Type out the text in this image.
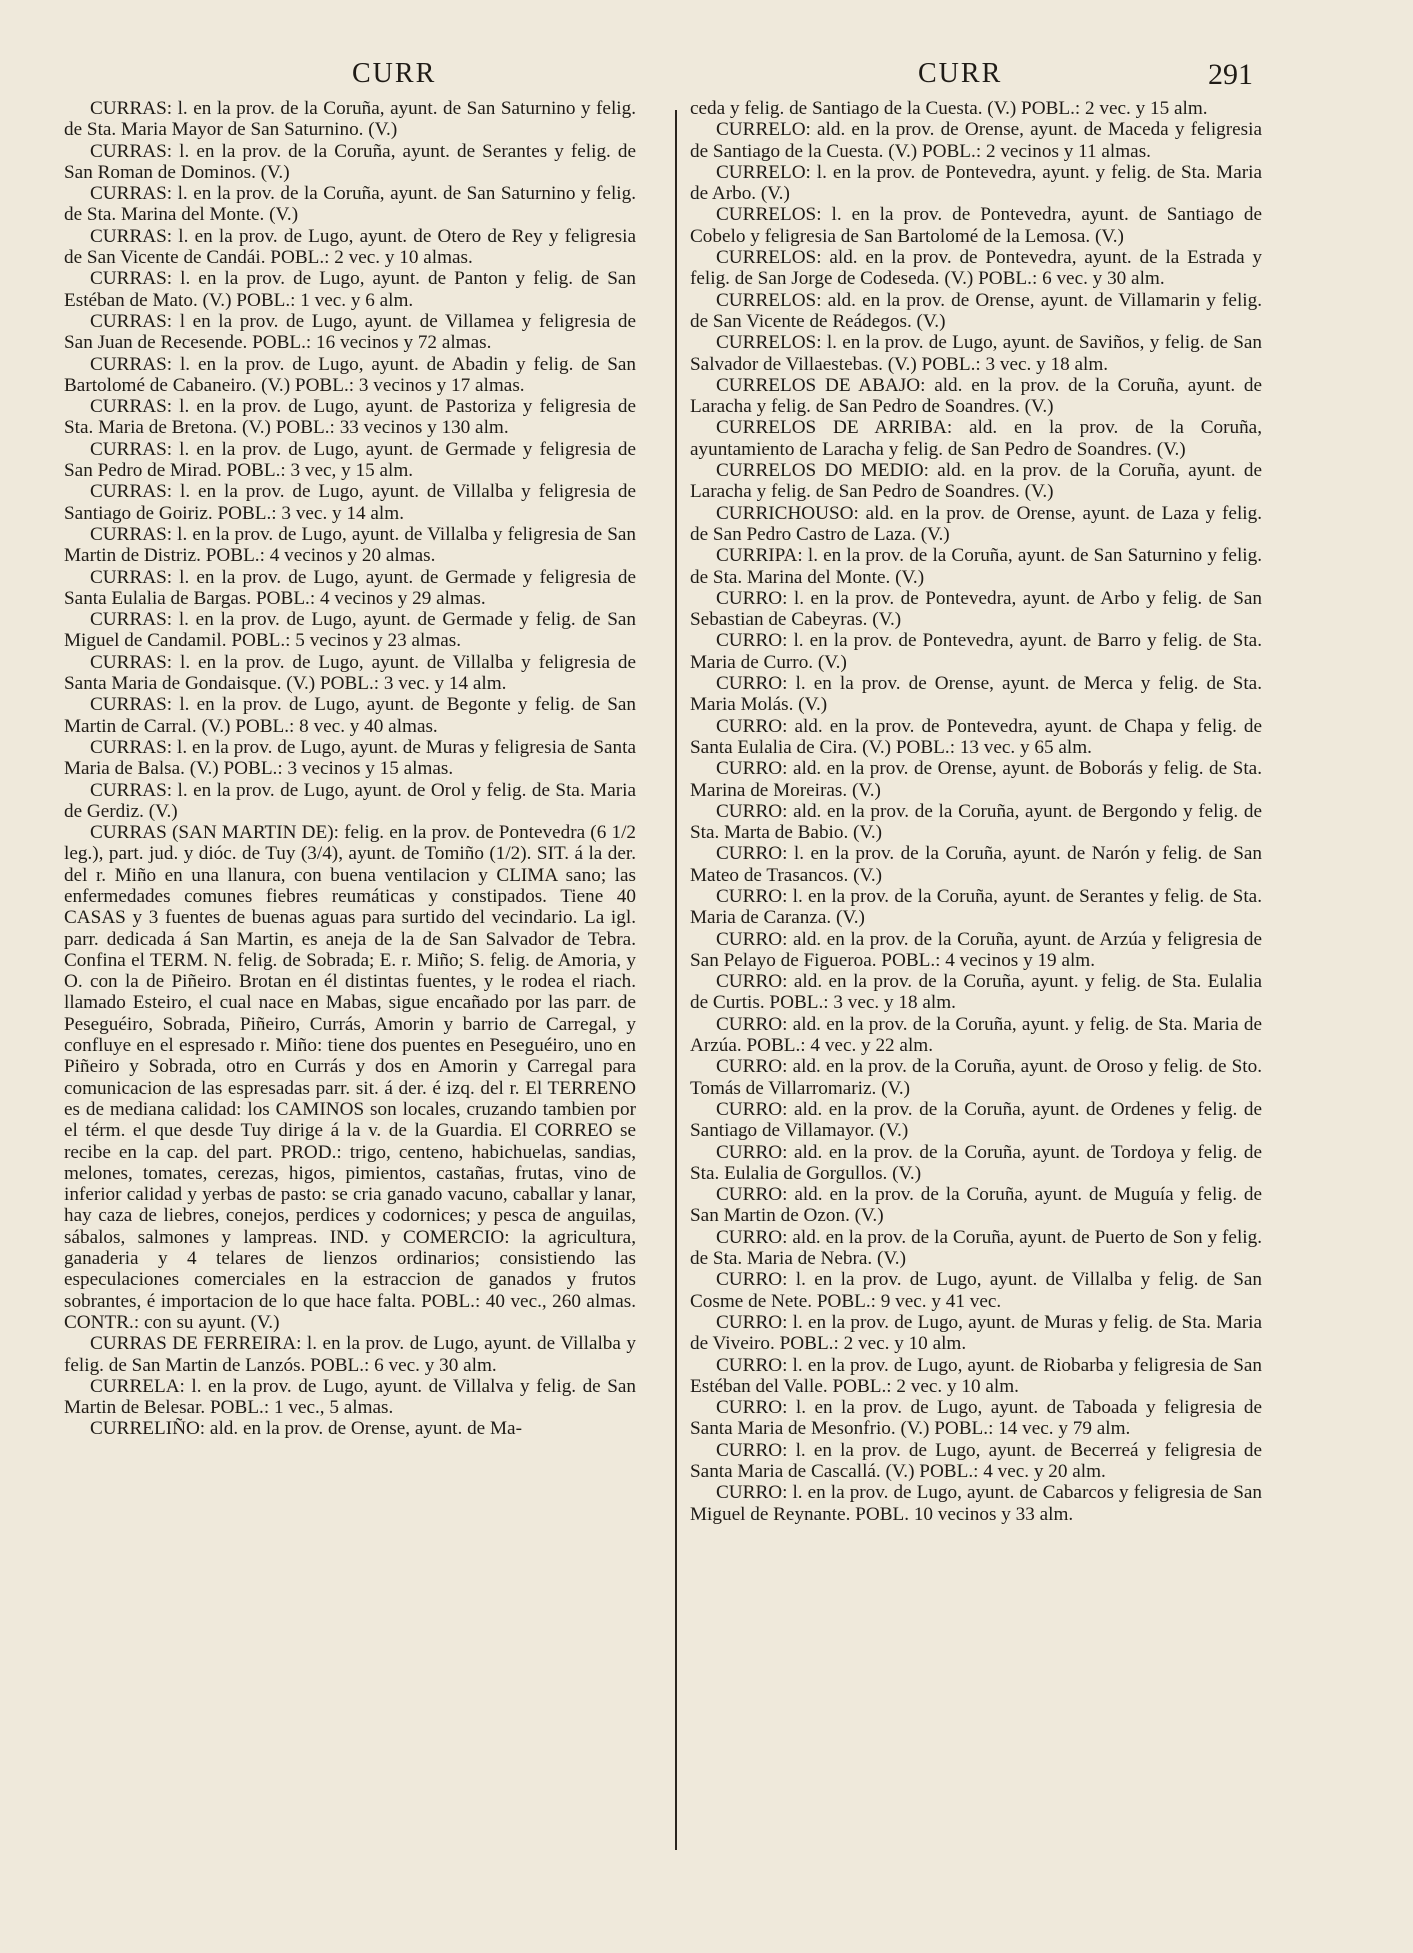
CURR	CURR	291

CURRAS: l. en la prov. de la Coruña, ayunt. de San Saturnino y felig. de Sta. Maria Mayor de San Saturnino. (V.)

CURRAS: l. en la prov. de la Coruña, ayunt. de Serantes y felig. de San Roman de Dominos. (V.)

CURRAS: l. en la prov. de la Coruña, ayunt. de San Saturnino y felig. de Sta. Marina del Monte. (V.)

CURRAS: l. en la prov. de Lugo, ayunt. de Otero de Rey y feligresia de San Vicente de Candái. POBL.: 2 vec. y 10 almas.

CURRAS: l. en la prov. de Lugo, ayunt. de Panton y felig. de San Estéban de Mato. (V.) POBL.: 1 vec. y 6 alm.

CURRAS: l en la prov. de Lugo, ayunt. de Villamea y feligresia de San Juan de Recesende. POBL.: 16 vecinos y 72 almas.

CURRAS: l. en la prov. de Lugo, ayunt. de Abadin y felig. de San Bartolomé de Cabaneiro. (V.) POBL.: 3 vecinos y 17 almas.

CURRAS: l. en la prov. de Lugo, ayunt. de Pastoriza y feligresia de Sta. Maria de Bretona. (V.) POBL.: 33 vecinos y 130 alm.

CURRAS: l. en la prov. de Lugo, ayunt. de Germade y feligresia de San Pedro de Mirad. POBL.: 3 vec, y 15 alm.

CURRAS: l. en la prov. de Lugo, ayunt. de Villalba y feligresia de Santiago de Goiriz. POBL.: 3 vec. y 14 alm.

CURRAS: l. en la prov. de Lugo, ayunt. de Villalba y feligresia de San Martin de Distriz. POBL.: 4 vecinos y 20 almas.

CURRAS: l. en la prov. de Lugo, ayunt. de Germade y feligresia de Santa Eulalia de Bargas. POBL.: 4 vecinos y 29 almas.

CURRAS: l. en la prov. de Lugo, ayunt. de Germade y felig. de San Miguel de Candamil. POBL.: 5 vecinos y 23 almas.

CURRAS: l. en la prov. de Lugo, ayunt. de Villalba y feligresia de Santa Maria de Gondaisque. (V.) POBL.: 3 vec. y 14 alm.

CURRAS: l. en la prov. de Lugo, ayunt. de Begonte y felig. de San Martin de Carral. (V.) POBL.: 8 vec. y 40 almas.

CURRAS: l. en la prov. de Lugo, ayunt. de Muras y feligresia de Santa Maria de Balsa. (V.) POBL.: 3 vecinos y 15 almas.

CURRAS: l. en la prov. de Lugo, ayunt. de Orol y felig. de Sta. Maria de Gerdiz. (V.)

CURRAS (SAN MARTIN DE): felig. en la prov. de Pontevedra (6 1/2 leg.), part. jud. y dióc. de Tuy (3/4), ayunt. de Tomiño (1/2). SIT. á la der. del r. Miño en una llanura, con buena ventilacion y CLIMA sano; las enfermedades comunes fiebres reumáticas y constipados. Tiene 40 CASAS y 3 fuentes de buenas aguas para surtido del vecindario. La igl. parr. dedicada á San Martin, es aneja de la de San Salvador de Tebra. Confina el TERM. N. felig. de Sobrada; E. r. Miño; S. felig. de Amoria, y O. con la de Piñeiro. Brotan en él distintas fuentes, y le rodea el riach. llamado Esteiro, el cual nace en Mabas, sigue encañado por las parr. de Peseguéiro, Sobrada, Piñeiro, Currás, Amorin y barrio de Carregal, y confluye en el espresado r. Miño: tiene dos puentes en Peseguéiro, uno en Piñeiro y Sobrada, otro en Currás y dos en Amorin y Carregal para comunicacion de las espresadas parr. sit. á der. é izq. del r. El TERRENO es de mediana calidad: los CAMINOS son locales, cruzando tambien por el térm. el que desde Tuy dirige á la v. de la Guardia. El CORREO se recibe en la cap. del part. PROD.: trigo, centeno, habichuelas, sandias, melones, tomates, cerezas, higos, pimientos, castañas, frutas, vino de inferior calidad y yerbas de pasto: se cria ganado vacuno, caballar y lanar, hay caza de liebres, conejos, perdices y codornices; y pesca de anguilas, sábalos, salmones y lampreas. IND. y COMERCIO: la agricultura, ganaderia y 4 telares de lienzos ordinarios; consistiendo las especulaciones comerciales en la estraccion de ganados y frutos sobrantes, é importacion de lo que hace falta. POBL.: 40 vec., 260 almas. CONTR.: con su ayunt. (V.)

CURRAS DE FERREIRA: l. en la prov. de Lugo, ayunt. de Villalba y felig. de San Martin de Lanzós. POBL.: 6 vec. y 30 alm.

CURRELA: l. en la prov. de Lugo, ayunt. de Villalva y felig. de San Martin de Belesar. POBL.: 1 vec., 5 almas.

CURRELIÑO: ald. en la prov. de Orense, ayunt. de Ma-

ceda y felig. de Santiago de la Cuesta. (V.) POBL.: 2 vec. y 15 alm.

CURRELO: ald. en la prov. de Orense, ayunt. de Maceda y feligresia de Santiago de la Cuesta. (V.) POBL.: 2 vecinos y 11 almas.

CURRELO: l. en la prov. de Pontevedra, ayunt. y felig. de Sta. Maria de Arbo. (V.)

CURRELOS: l. en la prov. de Pontevedra, ayunt. de Santiago de Cobelo y feligresia de San Bartolomé de la Lemosa. (V.)

CURRELOS: ald. en la prov. de Pontevedra, ayunt. de la Estrada y felig. de San Jorge de Codeseda. (V.) POBL.: 6 vec. y 30 alm.

CURRELOS: ald. en la prov. de Orense, ayunt. de Villamarin y felig. de San Vicente de Reádegos. (V.)

CURRELOS: l. en la prov. de Lugo, ayunt. de Saviños, y felig. de San Salvador de Villaestebas. (V.) POBL.: 3 vec. y 18 alm.

CURRELOS DE ABAJO: ald. en la prov. de la Coruña, ayunt. de Laracha y felig. de San Pedro de Soandres. (V.)

CURRELOS DE ARRIBA: ald. en la prov. de la Coruña, ayuntamiento de Laracha y felig. de San Pedro de Soandres. (V.)

CURRELOS DO MEDIO: ald. en la prov. de la Coruña, ayunt. de Laracha y felig. de San Pedro de Soandres. (V.)

CURRICHOUSO: ald. en la prov. de Orense, ayunt. de Laza y felig. de San Pedro Castro de Laza. (V.)

CURRIPA: l. en la prov. de la Coruña, ayunt. de San Saturnino y felig. de Sta. Marina del Monte. (V.)

CURRO: l. en la prov. de Pontevedra, ayunt. de Arbo y felig. de San Sebastian de Cabeyras. (V.)

CURRO: l. en la prov. de Pontevedra, ayunt. de Barro y felig. de Sta. Maria de Curro. (V.)

CURRO: l. en la prov. de Orense, ayunt. de Merca y felig. de Sta. Maria Molás. (V.)

CURRO: ald. en la prov. de Pontevedra, ayunt. de Chapa y felig. de Santa Eulalia de Cira. (V.) POBL.: 13 vec. y 65 alm.

CURRO: ald. en la prov. de Orense, ayunt. de Boborás y felig. de Sta. Marina de Moreiras. (V.)

CURRO: ald. en la prov. de la Coruña, ayunt. de Bergondo y felig. de Sta. Marta de Babio. (V.)

CURRO: l. en la prov. de la Coruña, ayunt. de Narón y felig. de San Mateo de Trasancos. (V.)

CURRO: l. en la prov. de la Coruña, ayunt. de Serantes y felig. de Sta. Maria de Caranza. (V.)

CURRO: ald. en la prov. de la Coruña, ayunt. de Arzúa y feligresia de San Pelayo de Figueroa. POBL.: 4 vecinos y 19 alm.

CURRO: ald. en la prov. de la Coruña, ayunt. y felig. de Sta. Eulalia de Curtis. POBL.: 3 vec. y 18 alm.

CURRO: ald. en la prov. de la Coruña, ayunt. y felig. de Sta. Maria de Arzúa. POBL.: 4 vec. y 22 alm.

CURRO: ald. en la prov. de la Coruña, ayunt. de Oroso y felig. de Sto. Tomás de Villarromariz. (V.)

CURRO: ald. en la prov. de la Coruña, ayunt. de Ordenes y felig. de Santiago de Villamayor. (V.)

CURRO: ald. en la prov. de la Coruña, ayunt. de Tordoya y felig. de Sta. Eulalia de Gorgullos. (V.)

CURRO: ald. en la prov. de la Coruña, ayunt. de Muguía y felig. de San Martin de Ozon. (V.)

CURRO: ald. en la prov. de la Coruña, ayunt. de Puerto de Son y felig. de Sta. Maria de Nebra. (V.)

CURRO: l. en la prov. de Lugo, ayunt. de Villalba y felig. de San Cosme de Nete. POBL.: 9 vec. y 41 vec.

CURRO: l. en la prov. de Lugo, ayunt. de Muras y felig. de Sta. Maria de Viveiro. POBL.: 2 vec. y 10 alm.

CURRO: l. en la prov. de Lugo, ayunt. de Riobarba y feligresia de San Estéban del Valle. POBL.: 2 vec. y 10 alm.

CURRO: l. en la prov. de Lugo, ayunt. de Taboada y feligresia de Santa Maria de Mesonfrio. (V.) POBL.: 14 vec. y 79 alm.

CURRO: l. en la prov. de Lugo, ayunt. de Becerreá y feligresia de Santa Maria de Cascallá. (V.) POBL.: 4 vec. y 20 alm.

CURRO: l. en la prov. de Lugo, ayunt. de Cabarcos y feligresia de San Miguel de Reynante. POBL. 10 vecinos y 33 alm.
